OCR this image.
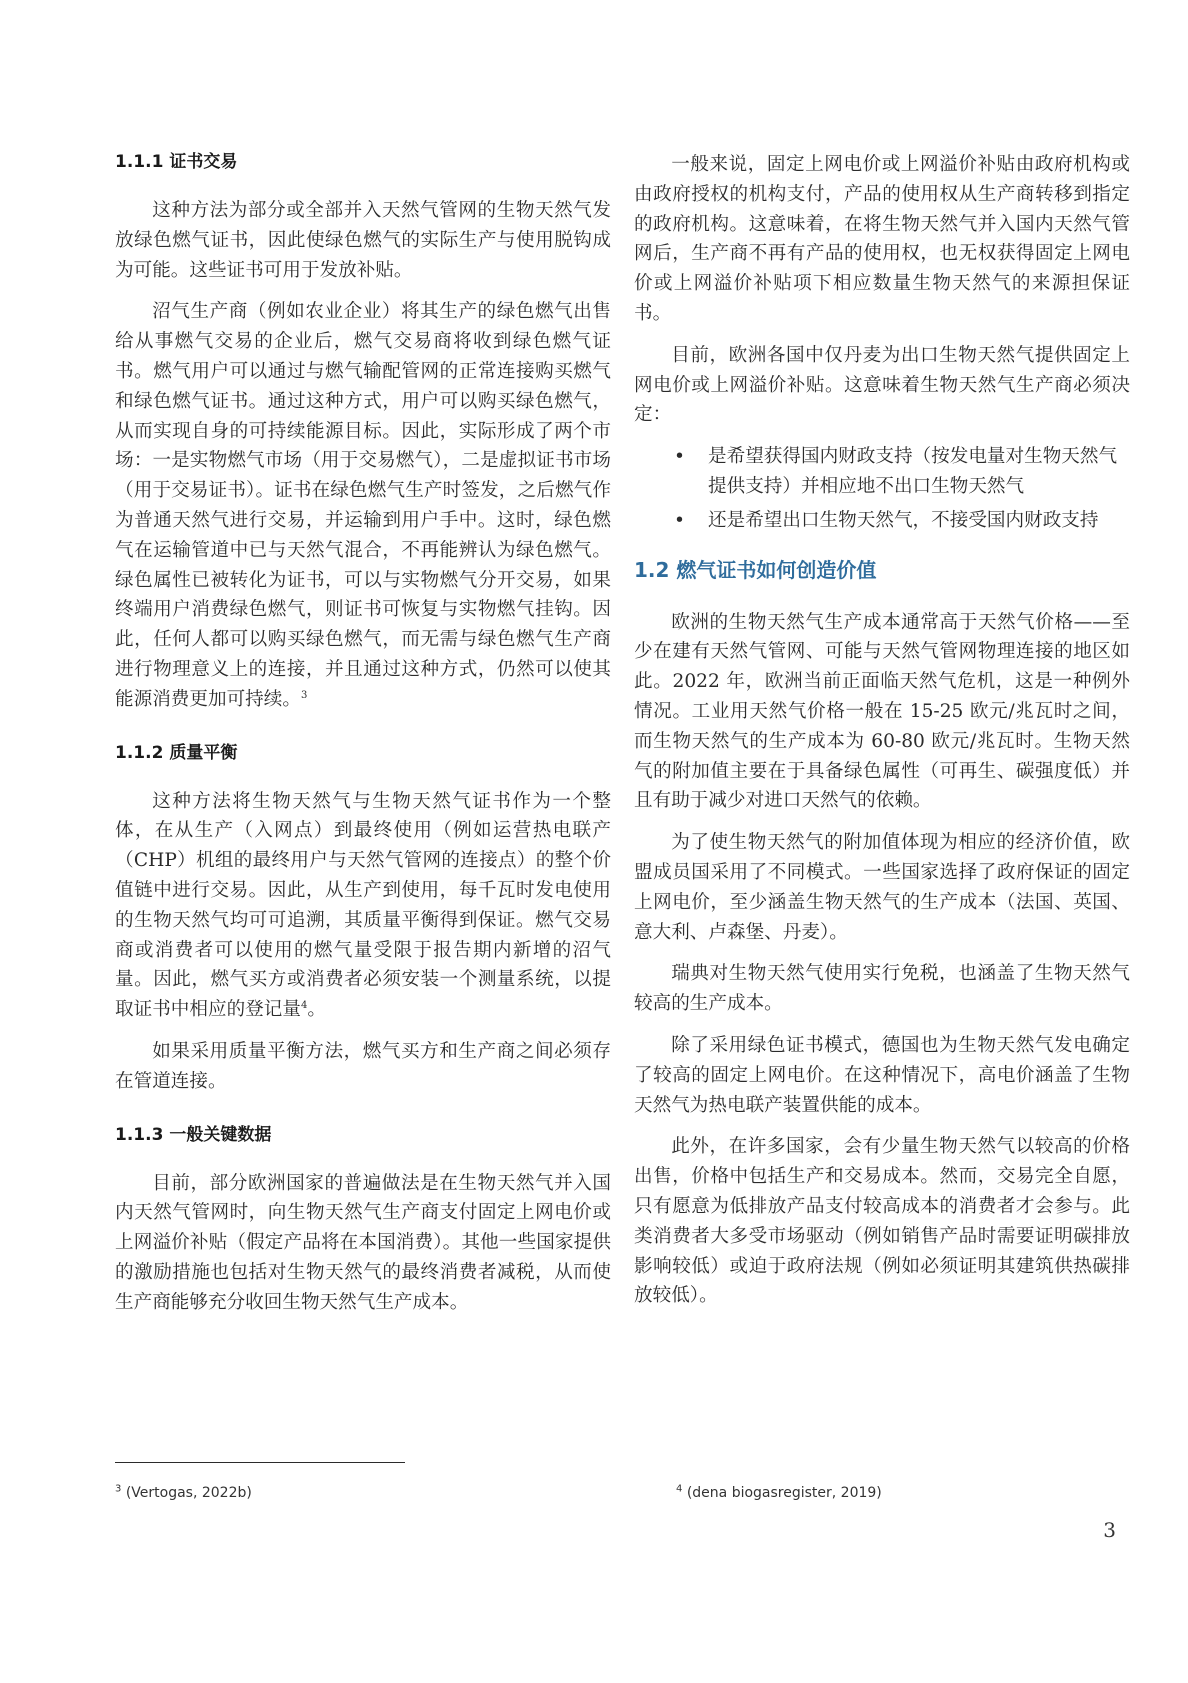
1.1.1 证书交易

这种方法为部分或全部并入天然气管网的生物天然气发放绿色燃气证书，因此使绿色燃气的实际生产与使用脱钩成为可能。这些证书可用于发放补贴。

沼气生产商（例如农业企业）将其生产的绿色燃气出售给从事燃气交易的企业后，燃气交易商将收到绿色燃气证书。燃气用户可以通过与燃气输配管网的正常连接购买燃气和绿色燃气证书。通过这种方式，用户可以购买绿色燃气，从而实现自身的可持续能源目标。因此，实际形成了两个市场：一是实物燃气市场（用于交易燃气），二是虚拟证书市场（用于交易证书）。证书在绿色燃气生产时签发，之后燃气作为普通天然气进行交易，并运输到用户手中。这时，绿色燃气在运输管道中已与天然气混合，不再能辨认为绿色燃气。绿色属性已被转化为证书，可以与实物燃气分开交易，如果终端用户消费绿色燃气，则证书可恢复与实物燃气挂钩。因此，任何人都可以购买绿色燃气，而无需与绿色燃气生产商进行物理意义上的连接，并且通过这种方式，仍然可以使其能源消费更加可持续。$^3$

1.1.2 质量平衡

这种方法将生物天然气与生物天然气证书作为一个整体，在从生产（入网点）到最终使用（例如运营热电联产（CHP）机组的最终用户与天然气管网的连接点）的整个价值链中进行交易。因此，从生产到使用，每千瓦时发电使用的生物天然气均可可追溯，其质量平衡得到保证。燃气交易商或消费者可以使用的燃气量受限于报告期内新增的沼气量。因此，燃气买方或消费者必须安装一个测量系统，以提取证书中相应的登记量$^4$。

如果采用质量平衡方法，燃气买方和生产商之间必须存在管道连接。

1.1.3 一般关键数据

目前，部分欧洲国家的普遍做法是在生物天然气并入国内天然气管网时，向生物天然气生产商支付固定上网电价或上网溢价补贴（假定产品将在本国消费）。其他一些国家提供的激励措施也包括对生物天然气的最终消费者减税，从而使生产商能够充分收回生物天然气生产成本。

一般来说，固定上网电价或上网溢价补贴由政府机构或由政府授权的机构支付，产品的使用权从生产商转移到指定的政府机构。这意味着，在将生物天然气并入国内天然气管网后，生产商不再有产品的使用权，也无权获得固定上网电价或上网溢价补贴项下相应数量生物天然气的来源担保证书。

目前，欧洲各国中仅丹麦为出口生物天然气提供固定上网电价或上网溢价补贴。这意味着生物天然气生产商必须决定：

• 是希望获得国内财政支持（按发电量对生物天然气提供支持）并相应地不出口生物天然气
• 还是希望出口生物天然气，不接受国内财政支持
1.2 燃气证书如何创造价值

欧洲的生物天然气生产成本通常高于天然气价格——至少在建有天然气管网、可能与天然气管网物理连接的地区如此。2022 年，欧洲当前正面临天然气危机，这是一种例外情况。工业用天然气价格一般在 15-25 欧元/兆瓦时之间，而生物天然气的生产成本为 60-80 欧元/兆瓦时。生物天然气的附加值主要在于具备绿色属性（可再生、碳强度低）并且有助于减少对进口天然气的依赖。

为了使生物天然气的附加值体现为相应的经济价值，欧盟成员国采用了不同模式。一些国家选择了政府保证的固定上网电价，至少涵盖生物天然气的生产成本（法国、英国、意大利、卢森堡、丹麦）。

瑞典对生物天然气使用实行免税，也涵盖了生物天然气较高的生产成本。

除了采用绿色证书模式，德国也为生物天然气发电确定了较高的固定上网电价。在这种情况下，高电价涵盖了生物天然气为热电联产装置供能的成本。

此外，在许多国家，会有少量生物天然气以较高的价格出售，价格中包括生产和交易成本。然而，交易完全自愿，只有愿意为低排放产品支付较高成本的消费者才会参与。此类消费者大多受市场驱动（例如销售产品时需要证明碳排放影响较低）或迫于政府法规（例如必须证明其建筑供热碳排放较低）。

$^3$ (Vertogas, 2022b)	$^4$ (dena biogasregister, 2019)
3
